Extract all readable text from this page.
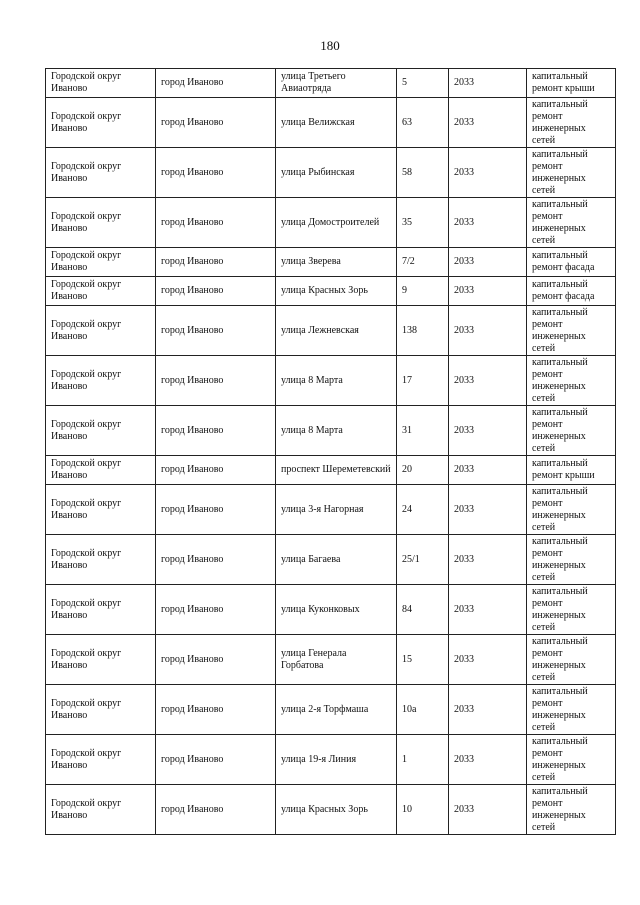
180
Городской округ Иваново	город Иваново	улица Третьего Авиаотряда	5	2033	капитальный ремонт крыши
Городской округ Иваново	город Иваново	улица Велижская	63	2033	капитальный ремонт инженерных сетей
Городской округ Иваново	город Иваново	улица Рыбинская	58	2033	капитальный ремонт инженерных сетей
Городской округ Иваново	город Иваново	улица Домостроителей	35	2033	капитальный ремонт инженерных сетей
Городской округ Иваново	город Иваново	улица Зверева	7/2	2033	капитальный ремонт фасада
Городской округ Иваново	город Иваново	улица Красных Зорь	9	2033	капитальный ремонт фасада
Городской округ Иваново	город Иваново	улица Лежневская	138	2033	капитальный ремонт инженерных сетей
Городской округ Иваново	город Иваново	улица 8 Марта	17	2033	капитальный ремонт инженерных сетей
Городской округ Иваново	город Иваново	улица 8 Марта	31	2033	капитальный ремонт инженерных сетей
Городской округ Иваново	город Иваново	проспект Шереметевский	20	2033	капитальный ремонт крыши
Городской округ Иваново	город Иваново	улица 3-я Нагорная	24	2033	капитальный ремонт инженерных сетей
Городской округ Иваново	город Иваново	улица Багаева	25/1	2033	капитальный ремонт инженерных сетей
Городской округ Иваново	город Иваново	улица Куконковых	84	2033	капитальный ремонт инженерных сетей
Городской округ Иваново	город Иваново	улица Генерала Горбатова	15	2033	капитальный ремонт инженерных сетей
Городской округ Иваново	город Иваново	улица 2-я Торфмаша	10а	2033	капитальный ремонт инженерных сетей
Городской округ Иваново	город Иваново	улица 19-я Линия	1	2033	капитальный ремонт инженерных сетей
Городской округ Иваново	город Иваново	улица Красных Зорь	10	2033	капитальный ремонт инженерных сетей
